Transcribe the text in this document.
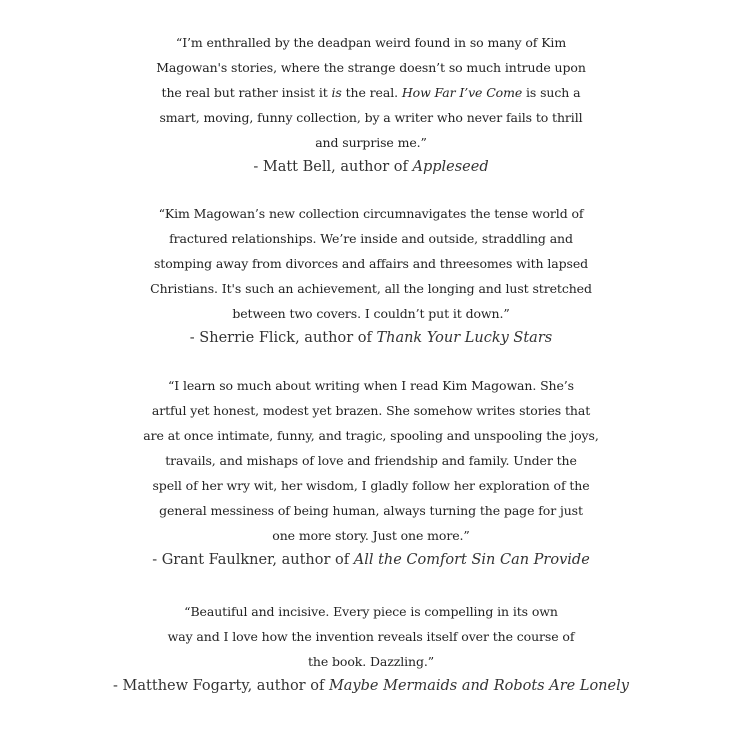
“I’m enthralled by the deadpan weird found in so many of Kim
Magowan's stories, where the strange doesn’t so much intrude upon
the real but rather insist it is the real. How Far I’ve Come is such a
smart, moving, funny collection, by a writer who never fails to thrill
and surprise me.”

- Matt Bell, author of Appleseed

“Kim Magowan’s new collection circumnavigates the tense world of
fractured relationships. We’re inside and outside, straddling and
stomping away from divorces and affairs and threesomes with lapsed
Christians. It's such an achievement, all the longing and lust stretched
between two covers. I couldn’t put it down.”

- Sherrie Flick, author of Thank Your Lucky Stars

“I learn so much about writing when I read Kim Magowan. She’s
artful yet honest, modest yet brazen. She somehow writes stories that
are at once intimate, funny, and tragic, spooling and unspooling the joys,
travails, and mishaps of love and friendship and family. Under the
spell of her wry wit, her wisdom, I gladly follow her exploration of the
general messiness of being human, always turning the page for just
one more story. Just one more.”

- Grant Faulkner, author of All the Comfort Sin Can Provide

“Beautiful and incisive. Every piece is compelling in its own
way and I love how the invention reveals itself over the course of
the book. Dazzling.”

- Matthew Fogarty, author of Maybe Mermaids and Robots Are Lonely
